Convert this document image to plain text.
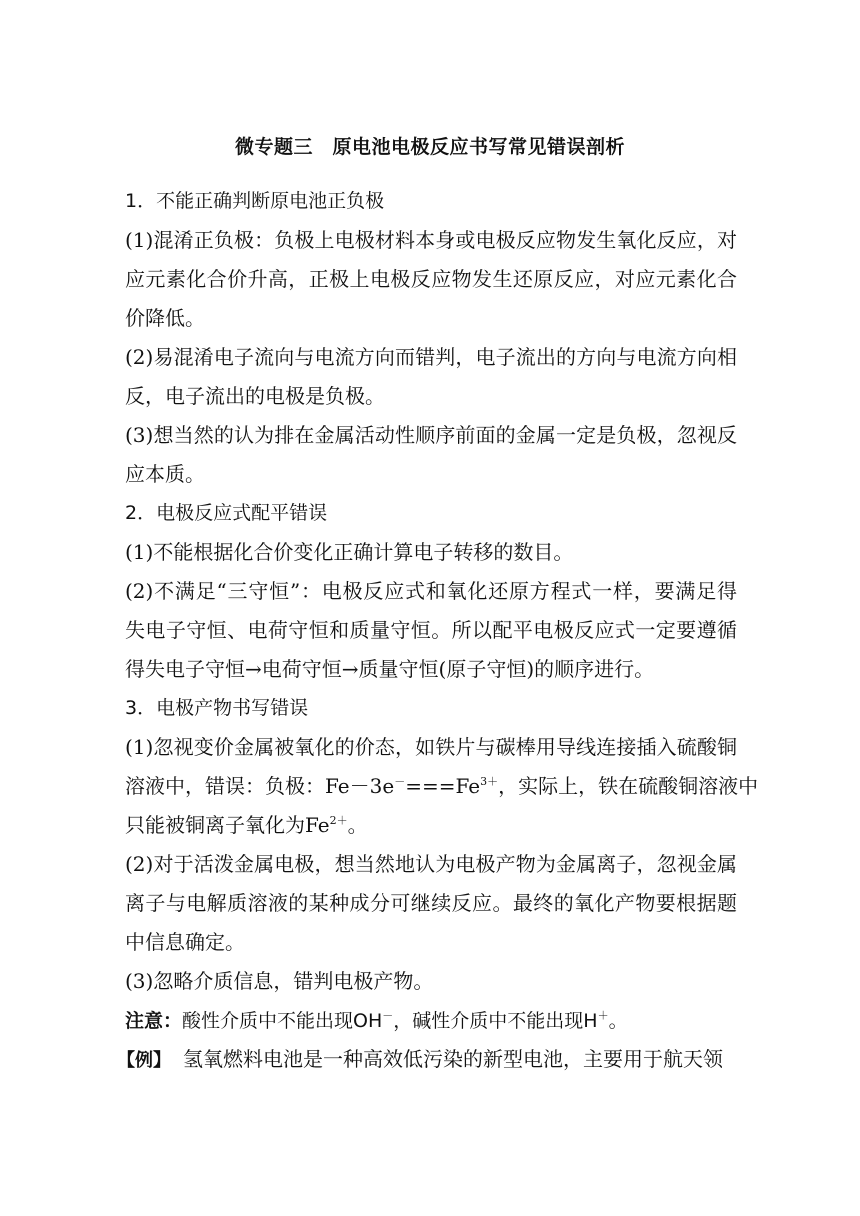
微专题三　原电池电极反应书写常见错误剖析
1．不能正确判断原电池正负极
(1)混淆正负极：负极上电极材料本身或电极反应物发生氧化反应，对
应元素化合价升高，正极上电极反应物发生还原反应，对应元素化合
价降低。
(2)易混淆电子流向与电流方向而错判，电子流出的方向与电流方向相
反，电子流出的电极是负极。
(3)想当然的认为排在金属活动性顺序前面的金属一定是负极，忽视反
应本质。
2．电极反应式配平错误
(1)不能根据化合价变化正确计算电子转移的数目。
(2)不满足“三守恒”：电极反应式和氧化还原方程式一样，要满足得
失电子守恒、电荷守恒和质量守恒。所以配平电极反应式一定要遵循
得失电子守恒→电荷守恒→质量守恒(原子守恒)的顺序进行。
3．电极产物书写错误
(1)忽视变价金属被氧化的价态，如铁片与碳棒用导线连接插入硫酸铜
溶液中，错误：负极：$Fe-3e^-===Fe^{3+}$，实际上，铁在硫酸铜溶液中
只能被铜离子氧化为$Fe^{2+}$。
(2)对于活泼金属电极，想当然地认为电极产物为金属离子，忽视金属
离子与电解质溶液的某种成分可继续反应。最终的氧化产物要根据题
中信息确定。
(3)忽略介质信息，错判电极产物。
注意：酸性介质中不能出现OH－，碱性介质中不能出现H＋。
【例】 氢氧燃料电池是一种高效低污染的新型电池，主要用于航天领
